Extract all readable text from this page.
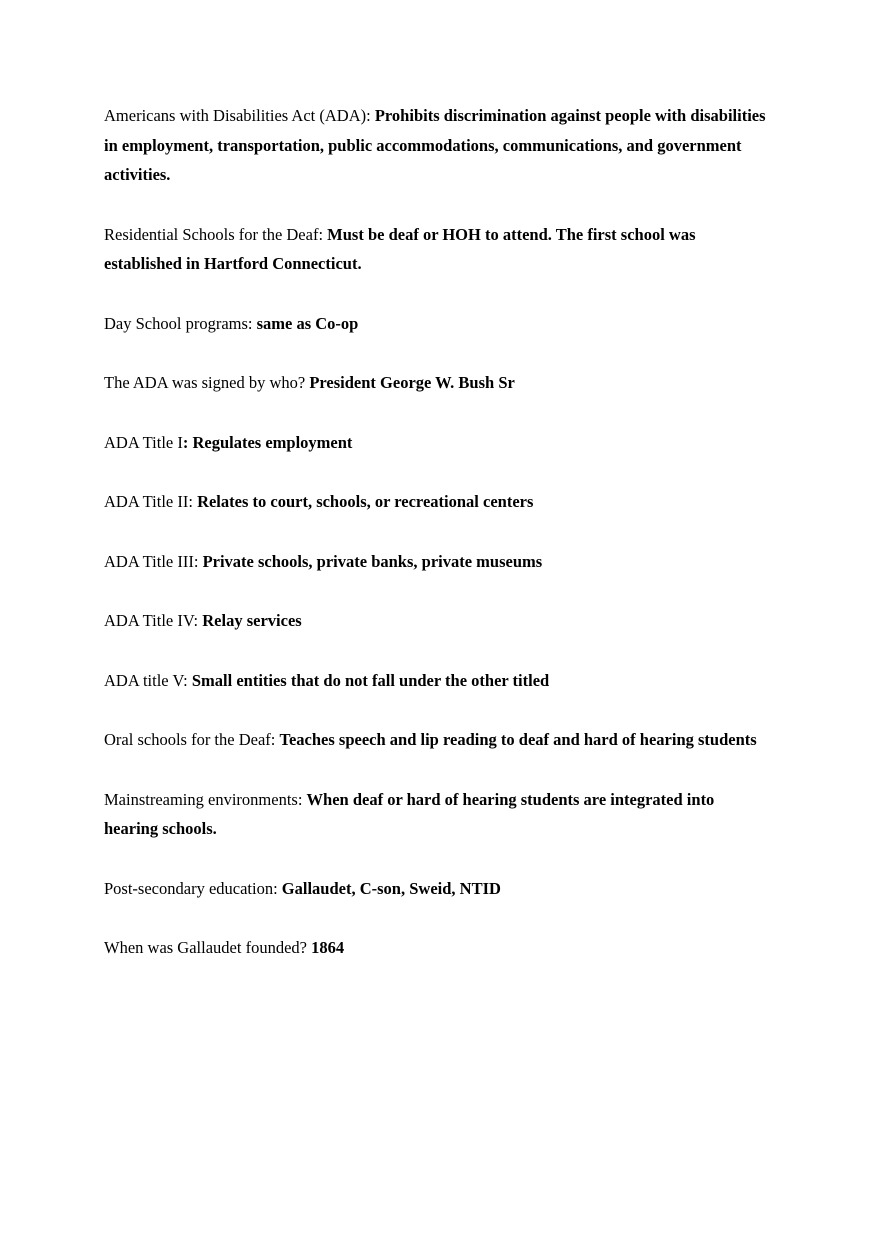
Americans with Disabilities Act (ADA): Prohibits discrimination against people with disabilities in employment, transportation, public accommodations, communications, and government activities.

Residential Schools for the Deaf: Must be deaf or HOH to attend. The first school was established in Hartford Connecticut.

Day School programs: same as Co-op

The ADA was signed by who? President George W. Bush Sr

ADA Title I: Regulates employment

ADA Title II: Relates to court, schools, or recreational centers

ADA Title III: Private schools, private banks, private museums

ADA Title IV: Relay services

ADA title V: Small entities that do not fall under the other titled

Oral schools for the Deaf: Teaches speech and lip reading to deaf and hard of hearing students

Mainstreaming environments: When deaf or hard of hearing students are integrated into hearing schools.

Post-secondary education: Gallaudet, C-son, Sweid, NTID

When was Gallaudet founded? 1864
